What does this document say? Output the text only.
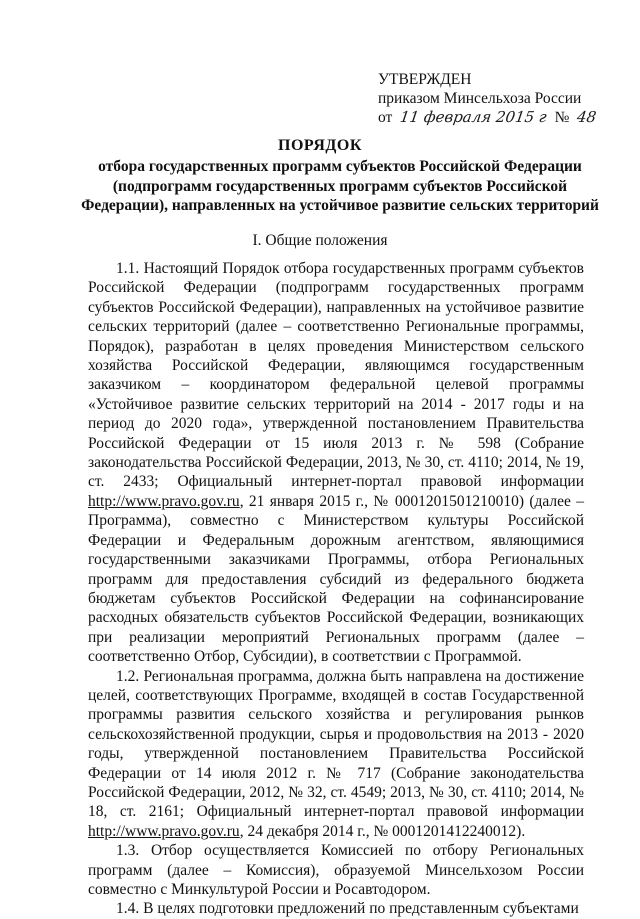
УТВЕРЖДЕН
приказом Минсельхоза России
от 11 февраля 2015 г № 48
ПОРЯДОК
отбора государственных программ субъектов Российской Федерации (подпрограмм государственных программ субъектов Российской Федерации), направленных на устойчивое развитие сельских территорий
I. Общие положения

1.1. Настоящий Порядок отбора государственных программ субъектов Российской Федерации (подпрограмм государственных программ субъектов Российской Федерации), направленных на устойчивое развитие сельских территорий (далее – соответственно Региональные программы, Порядок), разработан в целях проведения Министерством сельского хозяйства Российской Федерации, являющимся государственным заказчиком – координатором федеральной целевой программы «Устойчивое развитие сельских территорий на 2014 - 2017 годы и на период до 2020 года», утвержденной постановлением Правительства Российской Федерации от 15 июля 2013 г. № 598 (Собрание законодательства Российской Федерации, 2013, № 30, ст. 4110; 2014, № 19, ст. 2433; Официальный интернет-портал правовой информации http://www.pravo.gov.ru, 21 января 2015 г., № 0001201501210010) (далее – Программа), совместно с Министерством культуры Российской Федерации и Федеральным дорожным агентством, являющимися государственными заказчиками Программы, отбора Региональных программ для предоставления субсидий из федерального бюджета бюджетам субъектов Российской Федерации на софинансирование расходных обязательств субъектов Российской Федерации, возникающих при реализации мероприятий Региональных программ (далее – соответственно Отбор, Субсидии), в соответствии с Программой.

1.2. Региональная программа, должна быть направлена на достижение целей, соответствующих Программе, входящей в состав Государственной программы развития сельского хозяйства и регулирования рынков сельскохозяйственной продукции, сырья и продовольствия на 2013 - 2020 годы, утвержденной постановлением Правительства Российской Федерации от 14 июля 2012 г. № 717 (Собрание законодательства Российской Федерации, 2012, № 32, ст. 4549; 2013, № 30, ст. 4110; 2014, № 18, ст. 2161; Официальный интернет-портал правовой информации http://www.pravo.gov.ru, 24 декабря 2014 г., № 0001201412240012).

1.3. Отбор осуществляется Комиссией по отбору Региональных программ (далее – Комиссия), образуемой Минсельхозом России совместно с Минкультурой России и Росавтодором.

1.4. В целях подготовки предложений по представленным субъектами
